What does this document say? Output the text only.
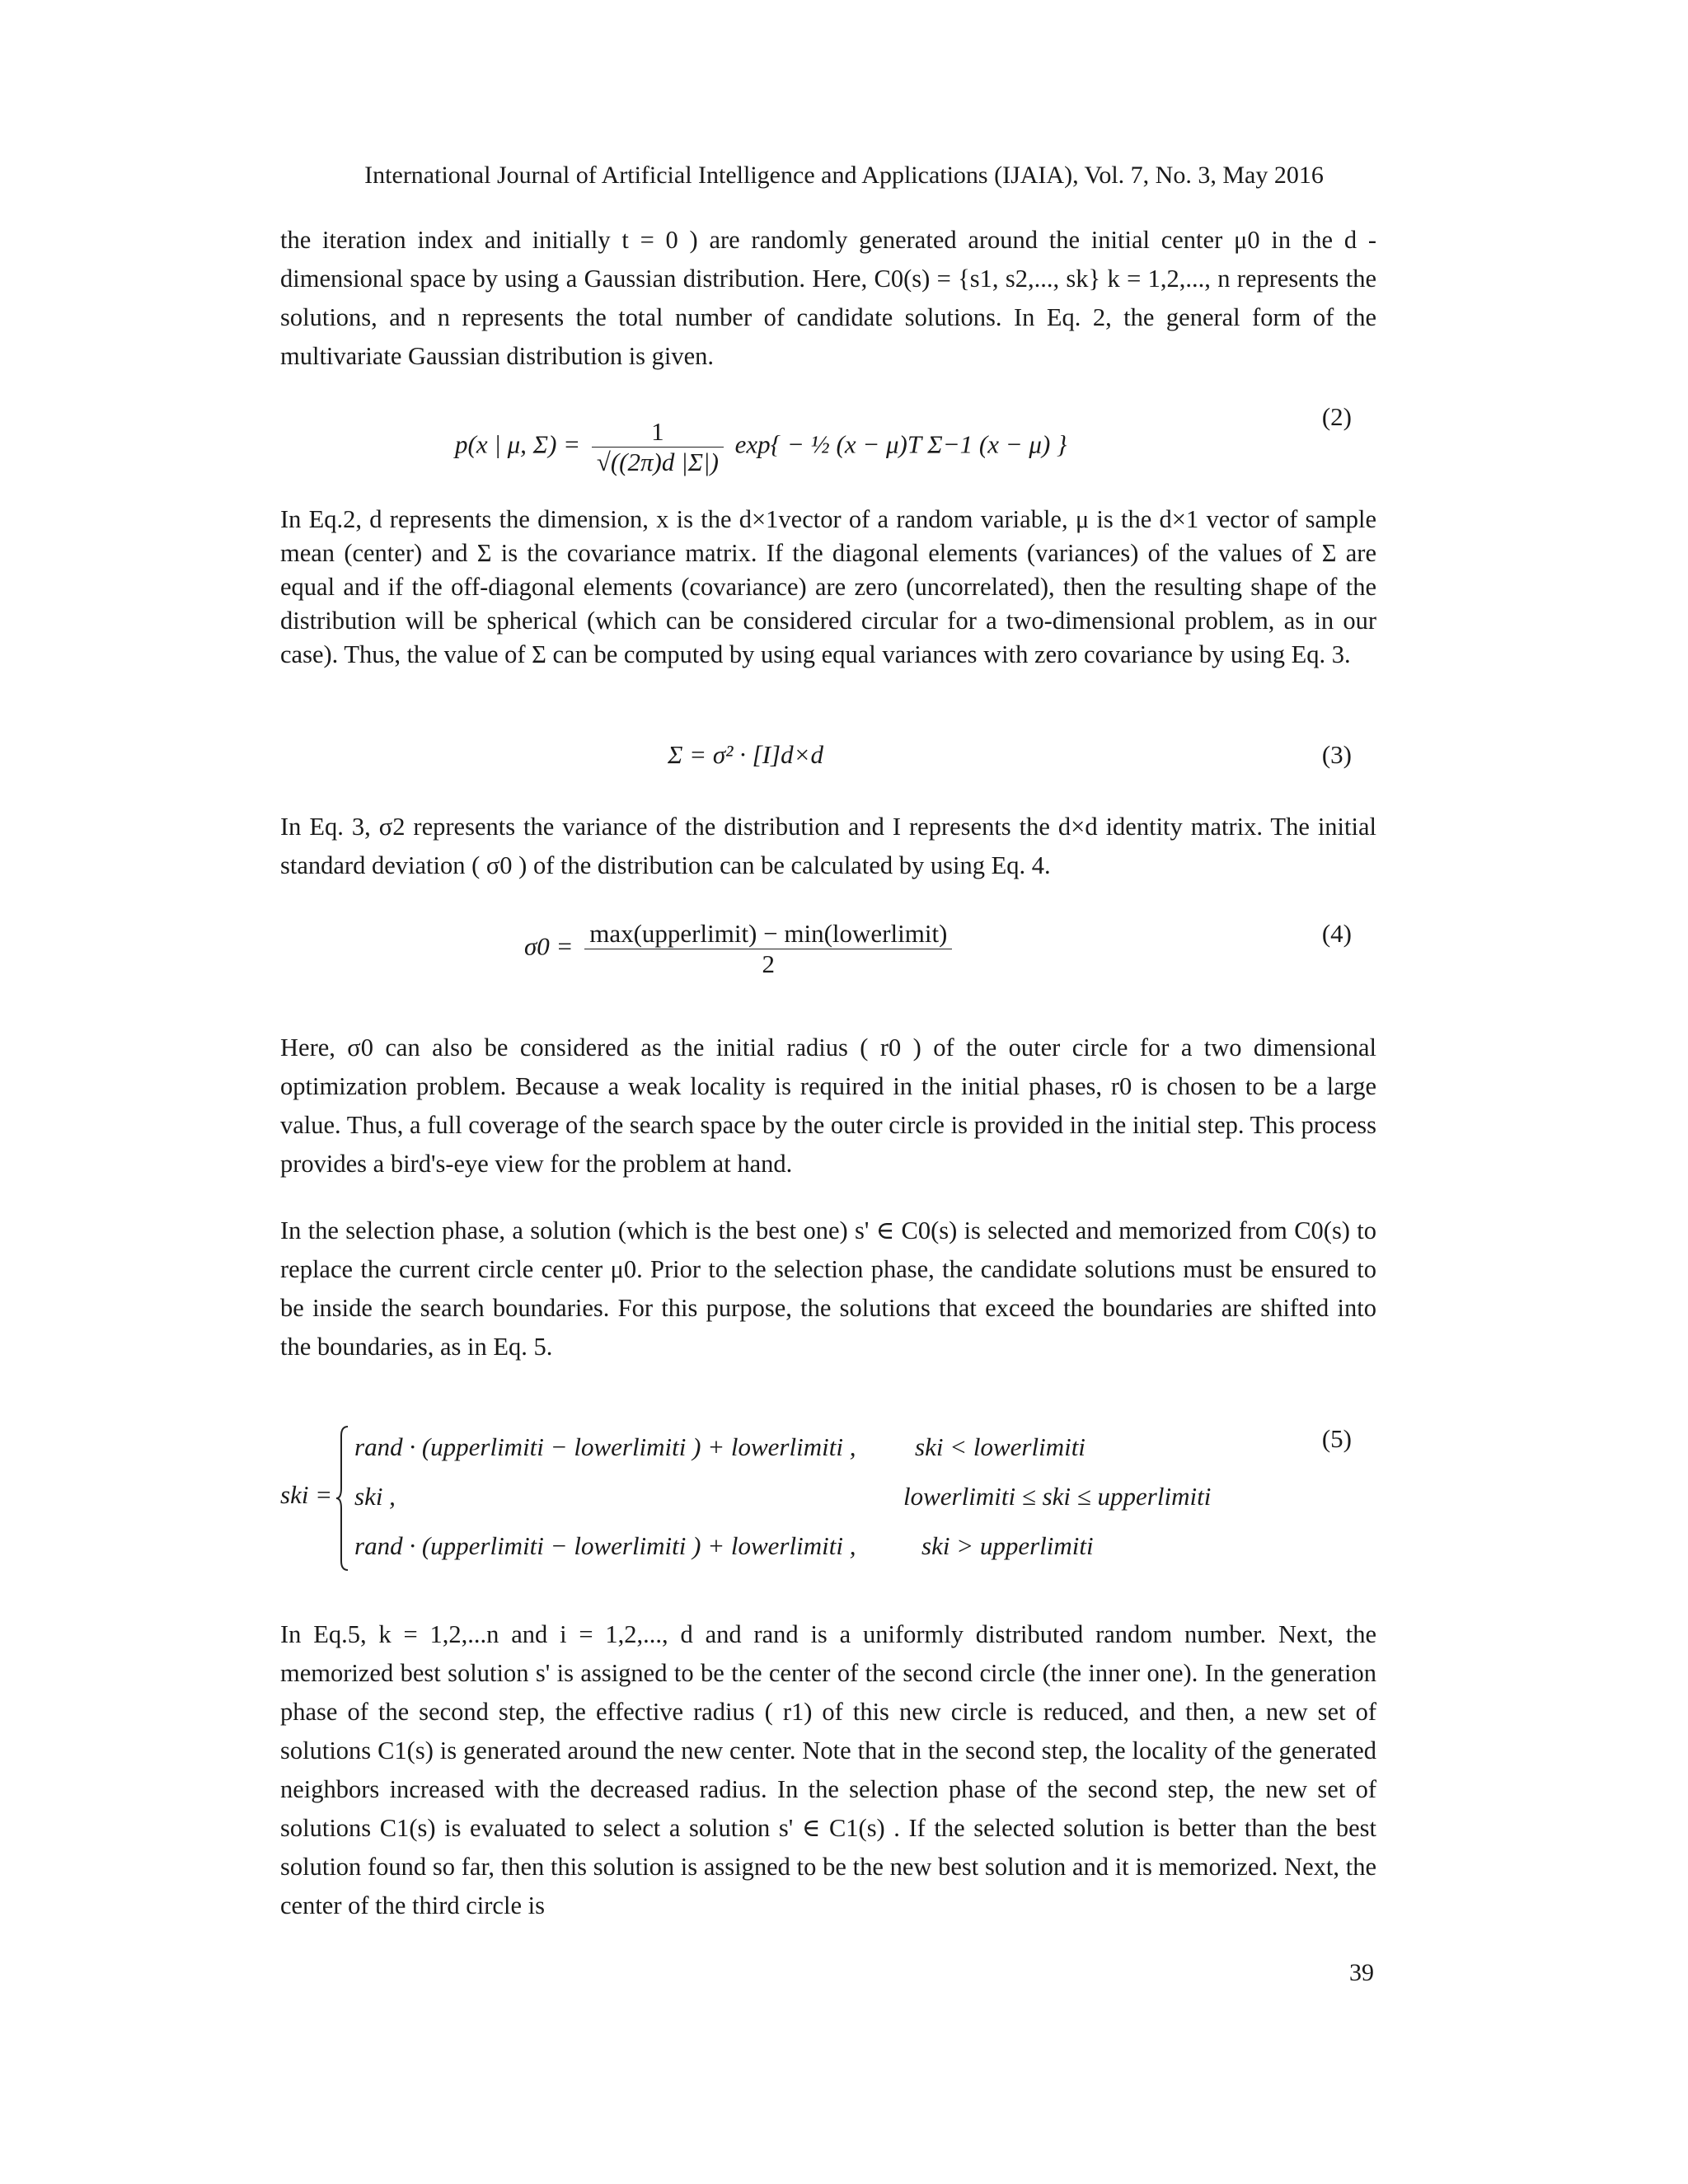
International Journal of Artificial Intelligence and Applications (IJAIA), Vol. 7, No. 3, May 2016

the iteration index and initially t = 0 ) are randomly generated around the initial center μ0 in the d -dimensional space by using a Gaussian distribution. Here, C0(s) = {s1, s2,..., sk} k = 1,2,..., n represents the solutions, and n represents the total number of candidate solutions. In Eq. 2, the general form of the multivariate Gaussian distribution is given.

p(x | μ, $\Sigma) = \frac{1}{√((2\pi)d |\Sigma|)} \exp${ − ½ (x − μ)T Σ−1 (x − μ) }
(2)

In Eq.2, d represents the dimension, x is the d×1vector of a random variable, μ is the d×1 vector of sample mean (center) and Σ is the covariance matrix. If the diagonal elements (variances) of the values of Σ are equal and if the off-diagonal elements (covariance) are zero (uncorrelated), then the resulting shape of the distribution will be spherical (which can be considered circular for a two-dimensional problem, as in our case). Thus, the value of Σ can be computed by using equal variances with zero covariance by using Eq. 3.

Σ = σ² · [I]d×d	(3)

In Eq. 3, σ2 represents the variance of the distribution and I represents the d×d identity matrix. The initial standard deviation ( σ0 ) of the distribution can be calculated by using Eq. 4.

$\sigma 0 = \frac{\text{max(upperlimit) − min(lowerlimit)}}{2}$	(4)

Here, σ0 can also be considered as the initial radius ( r0 ) of the outer circle for a two dimensional optimization problem. Because a weak locality is required in the initial phases, r0 is chosen to be a large value. Thus, a full coverage of the search space by the outer circle is provided in the initial step. This process provides a bird's-eye view for the problem at hand.

In the selection phase, a solution (which is the best one) s' ∈ C0(s) is selected and memorized from C0(s) to replace the current circle center μ0. Prior to the selection phase, the candidate solutions must be ensured to be inside the search boundaries. For this purpose, the solutions that exceed the boundaries are shifted into the boundaries, as in Eq. 5.

ski =
rand · (upperlimiti − lowerlimiti ) + lowerlimiti , ski < lowerlimiti
ski ,	lowerlimiti ≤ ski ≤ upperlimiti
rand · (upperlimiti − lowerlimiti ) + lowerlimiti ,	ski > upperlimiti
(5)

In Eq.5, k = 1,2,...n and i = 1,2,..., d and rand is a uniformly distributed random number. Next, the memorized best solution s' is assigned to be the center of the second circle (the inner one). In the generation phase of the second step, the effective radius ( r1) of this new circle is reduced, and then, a new set of solutions C1(s) is generated around the new center. Note that in the second step, the locality of the generated neighbors increased with the decreased radius. In the selection phase of the second step, the new set of solutions C1(s) is evaluated to select a solution s' ∈ C1(s) . If the selected solution is better than the best solution found so far, then this solution is assigned to be the new best solution and it is memorized. Next, the center of the third circle is

39
